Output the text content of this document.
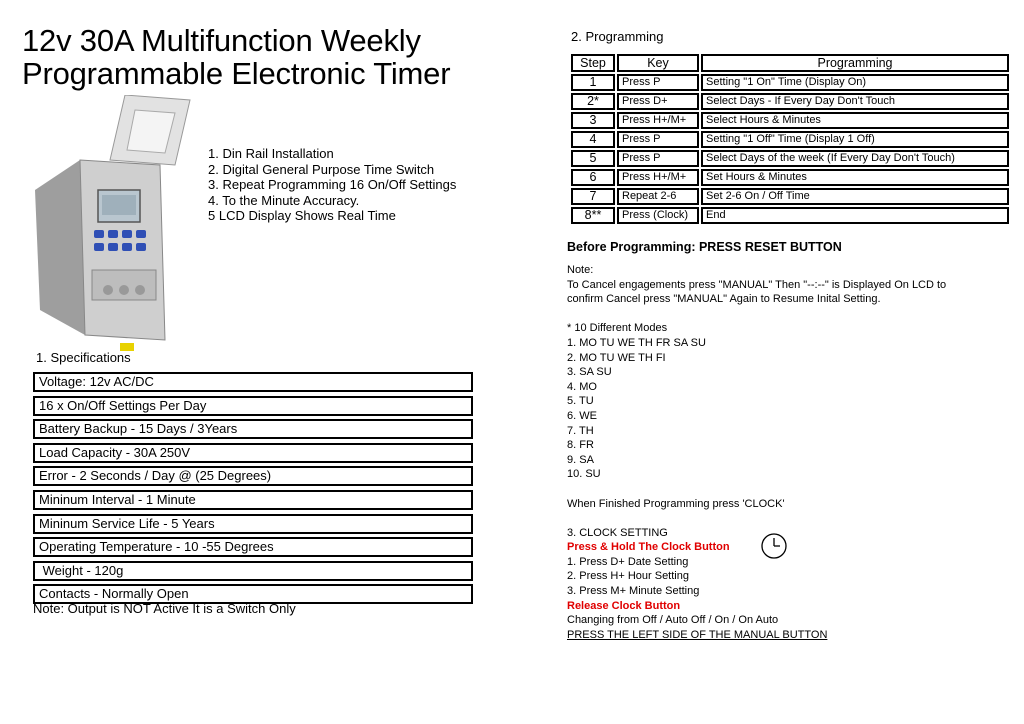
12v 30A Multifunction Weekly
Programmable Electronic Timer
1. Din Rail Installation
2. Digital General Purpose Time Switch
3. Repeat Programming 16 On/Off Settings
4. To the Minute Accuracy.
5 LCD Display Shows Real Time
1. Specifications
Voltage: 12v AC/DC
16 x On/Off Settings Per Day
Battery Backup - 15 Days / 3Years
Load Capacity - 30A 250V
Error - 2 Seconds / Day @ (25 Degrees)
Mininum Interval - 1 Minute
Mininum Service Life - 5 Years
Operating Temperature - 10 -55 Degrees
Weight - 120g
Contacts - Normally Open
Note: Output is NOT Active It is a Switch Only
2. Programming
Step	Key	Programming
1	Press P	Setting "1 On" Time (Display On)
2*	Press D+	Select Days - If Every Day Don't Touch
3	Press H+/M+	Select Hours & Minutes
4	Press P	Setting "1 Off" Time (Display 1 Off)
5	Press P	Select Days of the week (If Every Day Don't Touch)
6	Press H+/M+	Set Hours & Minutes
7	Repeat 2-6	Set 2-6 On / Off Time
8**	Press (Clock)	End
Before Programming: PRESS RESET BUTTON
Note:
To Cancel engagements press "MANUAL" Then "--:--" is Displayed On LCD to
confirm Cancel press "MANUAL" Again to Resume Inital Setting.
* 10 Different Modes
1. MO TU WE TH FR SA SU
2. MO TU WE TH FI
3. SA SU
4. MO
5. TU
6. WE
7. TH
8. FR
9. SA
10. SU
When Finished Programming press 'CLOCK'
3. CLOCK SETTING
Press & Hold The Clock Button
1. Press D+ Date Setting
2. Press H+ Hour Setting
3. Press M+ Minute Setting
Release Clock Button
Changing from Off / Auto Off / On / On Auto
PRESS THE LEFT SIDE OF THE MANUAL BUTTON
